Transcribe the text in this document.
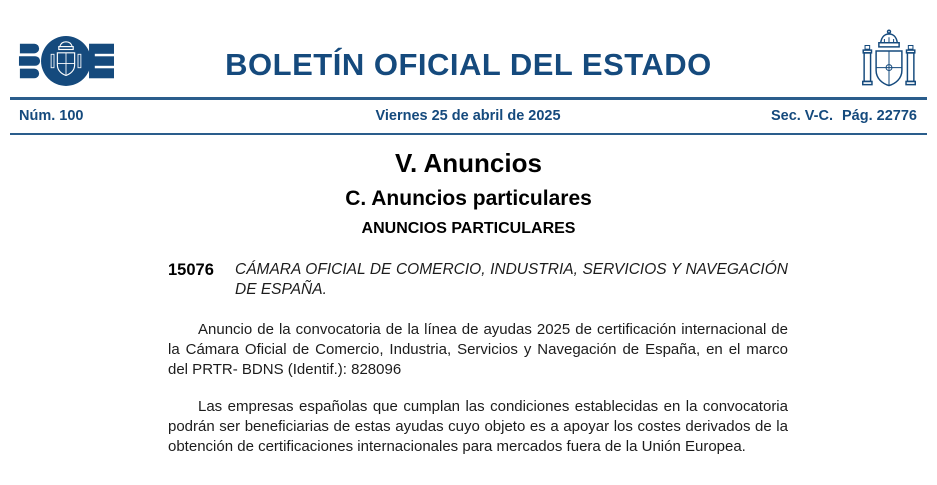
BOLETÍN OFICIAL DEL ESTADO
Núm. 100	Viernes 25 de abril de 2025	Sec. V-C. Pág. 22776
V. Anuncios
C. Anuncios particulares
ANUNCIOS PARTICULARES
15076	CÁMARA OFICIAL DE COMERCIO, INDUSTRIA, SERVICIOS Y NAVEGACIÓN DE ESPAÑA.

Anuncio de la convocatoria de la línea de ayudas 2025 de certificación internacional de la Cámara Oficial de Comercio, Industria, Servicios y Navegación de España, en el marco del PRTR- BDNS (Identif.): 828096

Las empresas españolas que cumplan las condiciones establecidas en la convocatoria podrán ser beneficiarias de estas ayudas cuyo objeto es a apoyar los costes derivados de la obtención de certificaciones internacionales para mercados fuera de la Unión Europea.
